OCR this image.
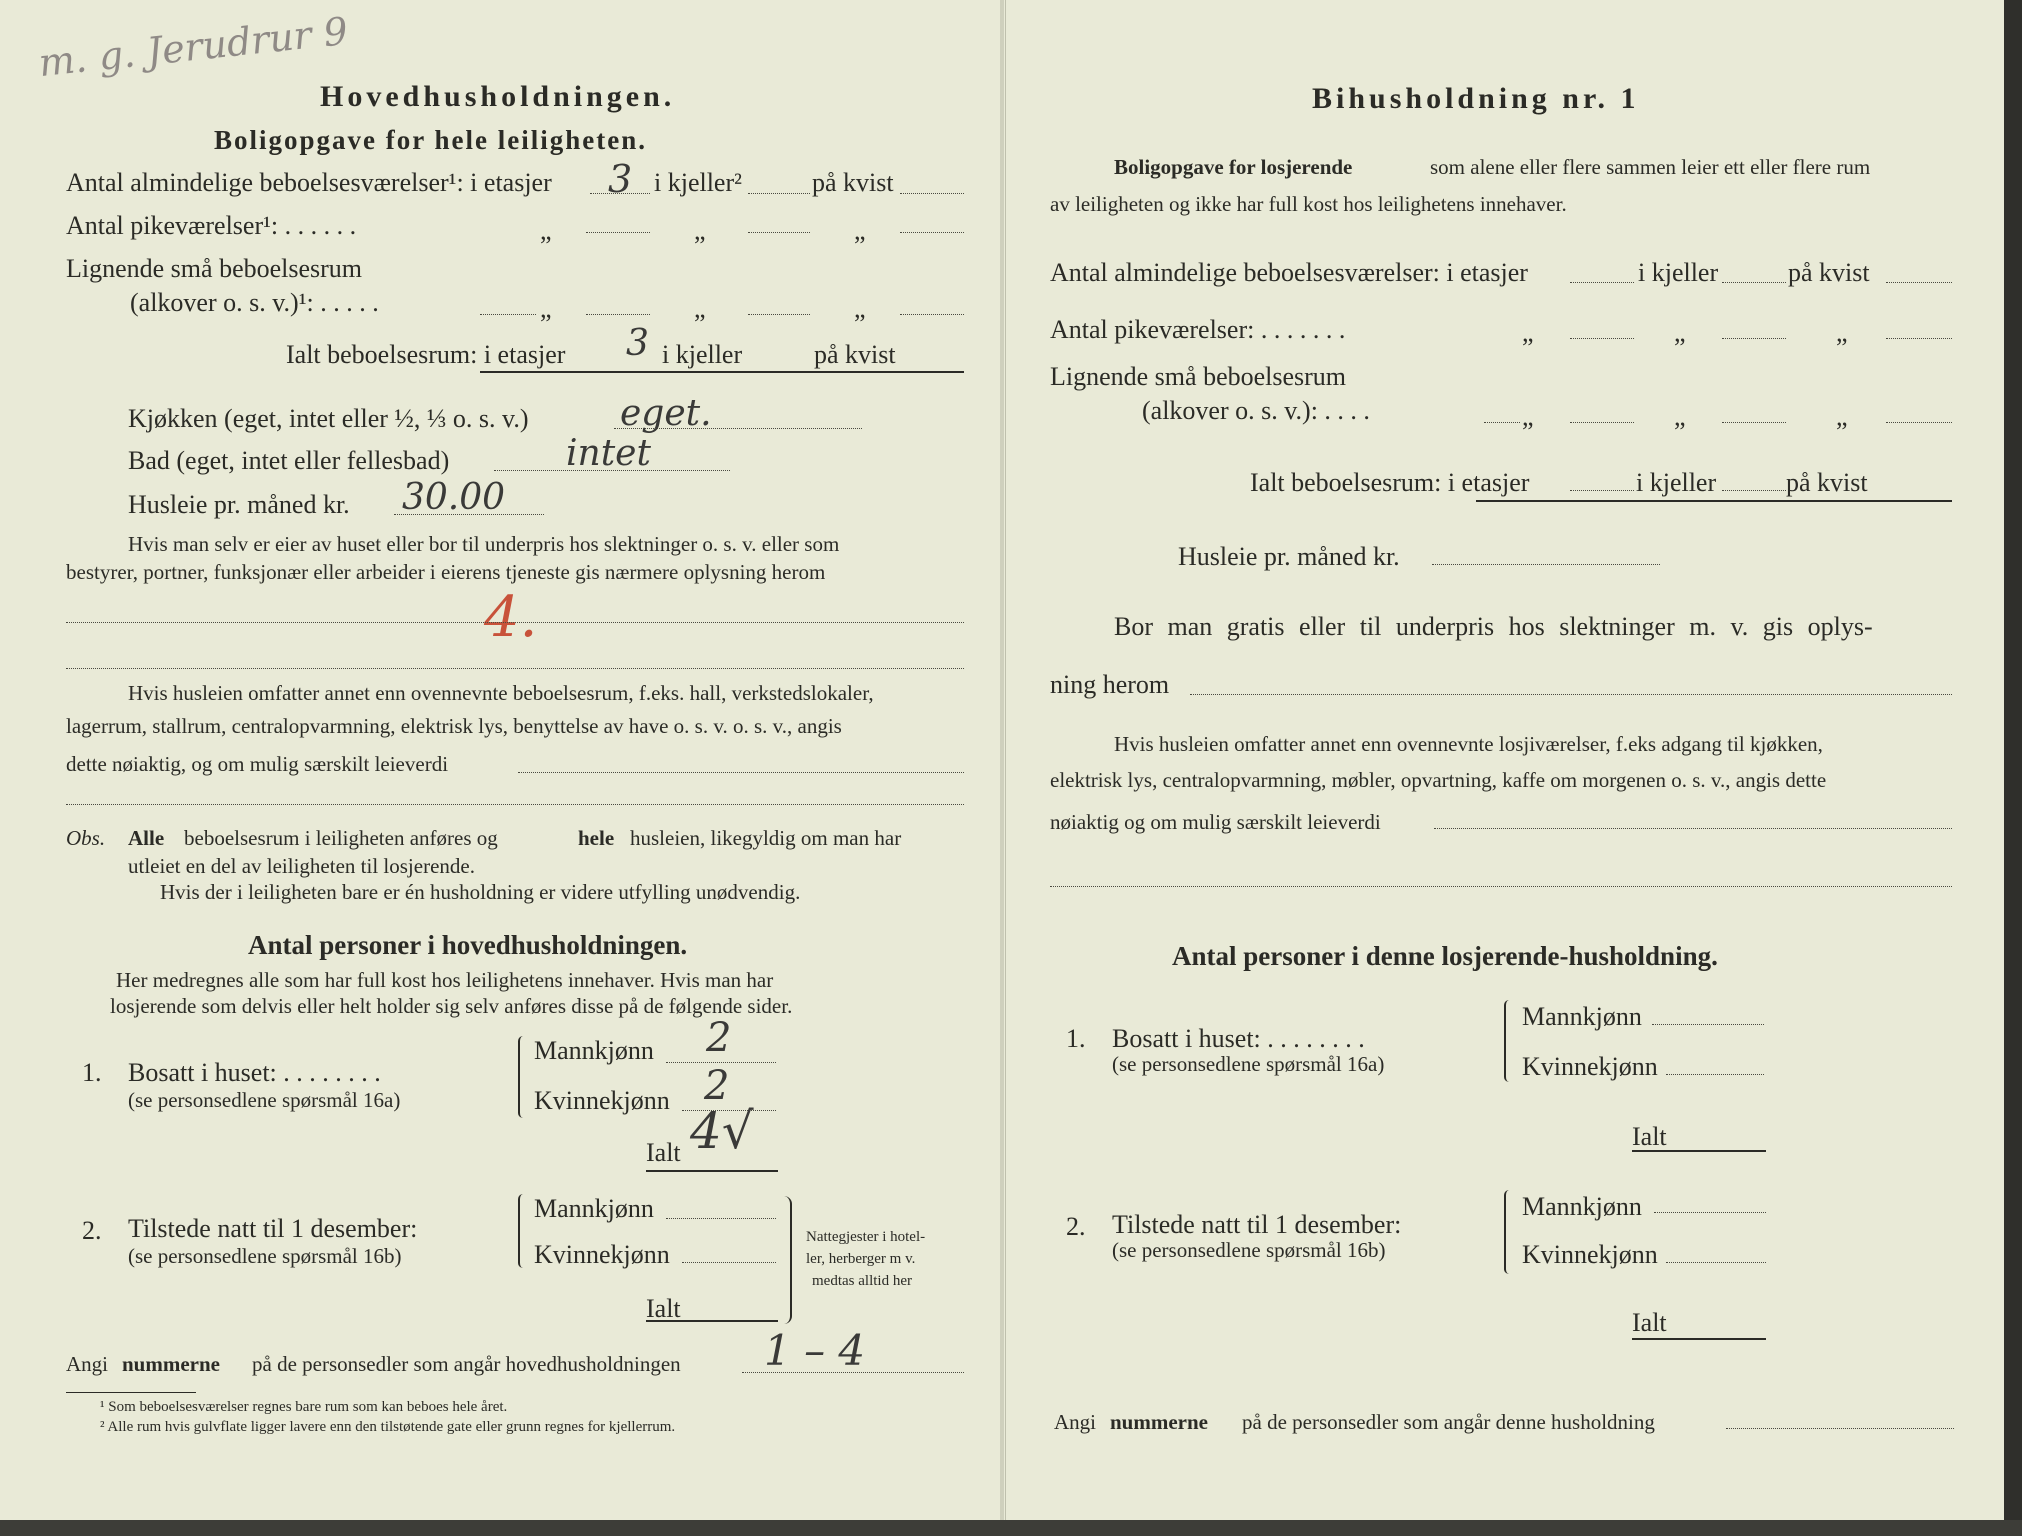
m. g. Jerudrur 9
Hovedhusholdningen.
Boligopgave for hele leiligheten.
Antal almindelige beboelsesværelser¹: i etasjer 3 i kjeller²	på kvist
Antal pikeværelser¹: . . . . . .	„	„	„
Lignende små beboelsesrum
(alkover o. s. v.)¹: . . . . .	„	„	„
Ialt beboelsesrum: i etasjer 3 i kjeller	på kvist
Kjøkken (eget, intet eller ½, ⅓ o. s. v.)	eget.
Bad (eget, intet eller fellesbad)	intet
Husleie pr. måned kr. 30.00
Hvis man selv er eier av huset eller bor til underpris hos slektninger o. s. v. eller som
bestyrer, portner, funksjonær eller arbeider i eierens tjeneste gis nærmere oplysning herom
4.
Hvis husleien omfatter annet enn ovennevnte beboelsesrum, f.eks. hall, verkstedslokaler,
lagerrum, stallrum, centralopvarmning, elektrisk lys, benyttelse av have o. s. v. o. s. v., angis
dette nøiaktig, og om mulig særskilt leieverdi
Obs. Alle beboelsesrum i leiligheten anføres og	hele husleien, likegyldig om man har
utleiet en del av leiligheten til losjerende.
Hvis der i leiligheten bare er én husholdning er videre utfylling unødvendig.
Antal personer i hovedhusholdningen.
Her medregnes alle som har full kost hos leilighetens innehaver. Hvis man har
losjerende som delvis eller helt holder sig selv anføres disse på de følgende sider.
1. Bosatt i huset: . . . . . . . .
(se personsedlene spørsmål 16a)
Mannkjønn 2
Kvinnekjønn 2
Ialt 4√
2. Tilstede natt til 1 desember:
(se personsedlene spørsmål 16b)
Mannkjønn
Kvinnekjønn
Ialt
Nattegjester i hotel-
ler, herberger m v.
medtas alltid her
Angi nummerne på de personsedler som angår hovedhusholdningen 1 – 4
¹ Som beboelsesværelser regnes bare rum som kan beboes hele året.
² Alle rum hvis gulvflate ligger lavere enn den tilstøtende gate eller grunn regnes for kjellerrum.
Bihusholdning nr. 1
Boligopgave for losjerende	som alene eller flere sammen leier ett eller flere rum
av leiligheten og ikke har full kost hos leilighetens innehaver.
Antal almindelige beboelsesværelser: i etasjer	i kjeller	på kvist
Antal pikeværelser: . . . . . . .	„	„	„
Lignende små beboelsesrum
(alkover o. s. v.): . . . .	„	„	„
Ialt beboelsesrum: i etasjer	i kjeller	på kvist
Husleie pr. måned kr.
Bor man gratis eller til underpris hos slektninger m. v. gis oplys-
ning herom
Hvis husleien omfatter annet enn ovennevnte losjiværelser, f.eks adgang til kjøkken,
elektrisk lys, centralopvarmning, møbler, opvartning, kaffe om morgenen o. s. v., angis dette
nøiaktig og om mulig særskilt leieverdi
Antal personer i denne losjerende-husholdning.
1. Bosatt i huset: . . . . . . . .
(se personsedlene spørsmål 16a)
Mannkjønn
Kvinnekjønn
Ialt
2. Tilstede natt til 1 desember:
(se personsedlene spørsmål 16b)
Mannkjønn
Kvinnekjønn
Ialt
Angi nummerne på de personsedler som angår denne husholdning
